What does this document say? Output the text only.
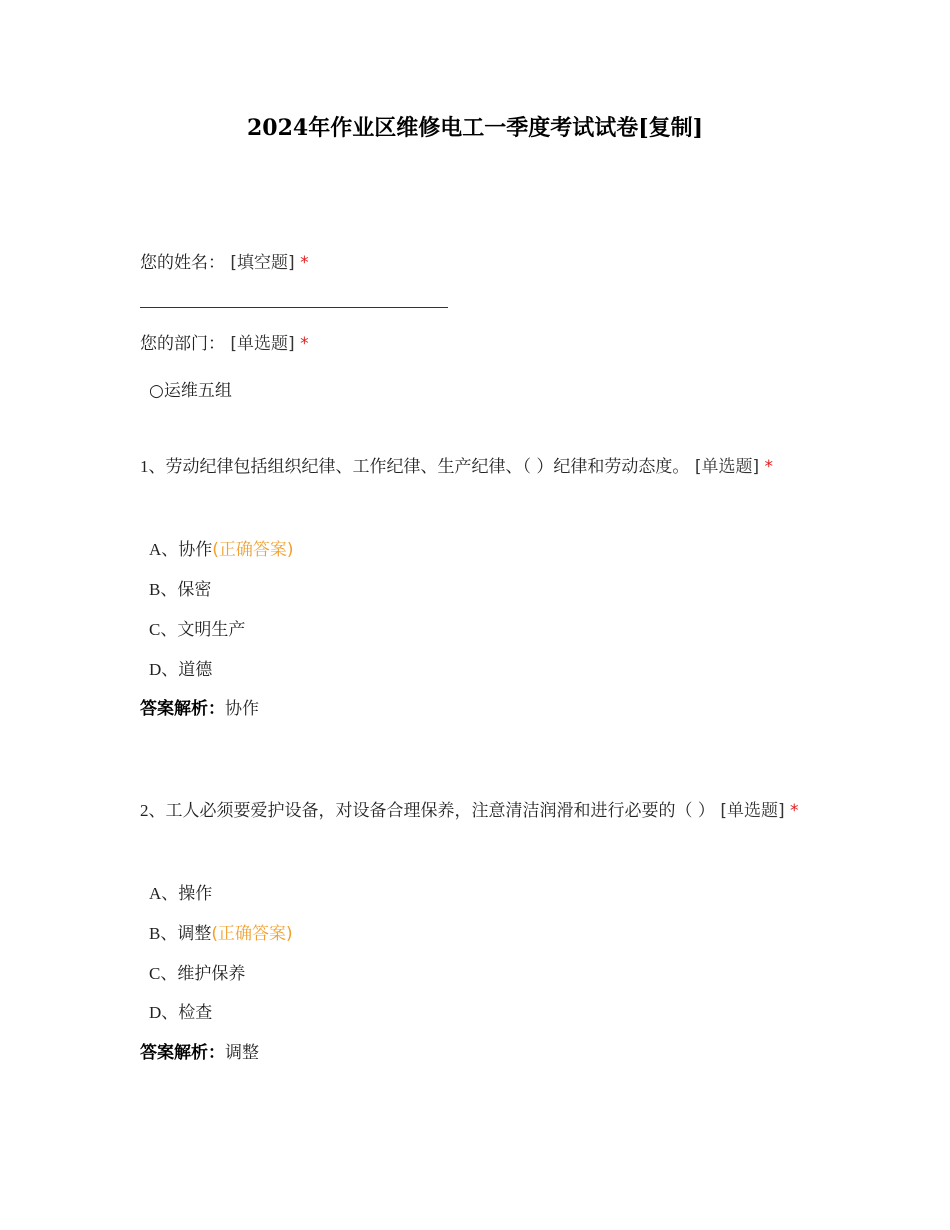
2024年作业区维修电工一季度考试试卷[复制]
您的姓名： [填空题] *
您的部门： [单选题] *
○运维五组
1、劳动纪律包括组织纪律、工作纪律、生产纪律、（ ）纪律和劳动态度。 [单选题] *
A、协作(正确答案)
B、保密
C、文明生产
D、道德
答案解析：协作
2、工人必须要爱护设备，对设备合理保养，注意清洁润滑和进行必要的（ ） [单选题] *
A、操作
B、调整(正确答案)
C、维护保养
D、检查
答案解析：调整
